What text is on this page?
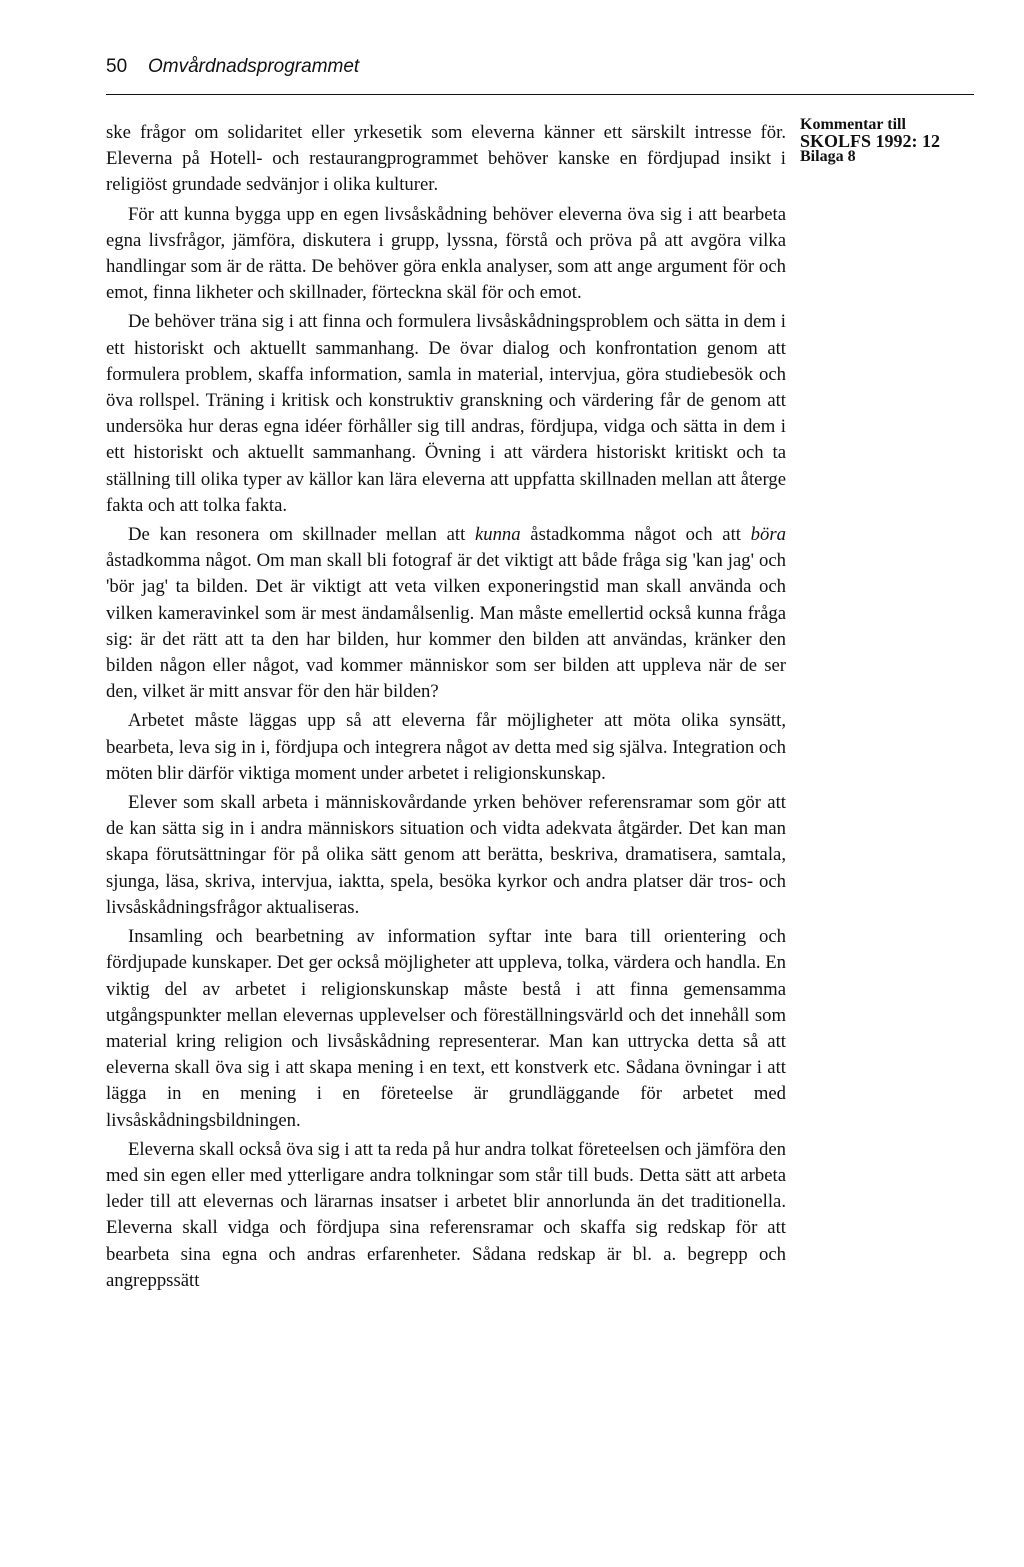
50 Omvårdnadsprogrammet

ske frågor om solidaritet eller yrkesetik som eleverna känner ett särskilt intresse för. Eleverna på Hotell- och restaurangprogrammet behöver kanske en fördjupad insikt i religiöst grundade sedvänjor i olika kulturer.

För att kunna bygga upp en egen livsåskådning behöver eleverna öva sig i att bearbeta egna livsfrågor, jämföra, diskutera i grupp, lyssna, förstå och pröva på att avgöra vilka handlingar som är de rätta. De behöver göra enkla analyser, som att ange argument för och emot, finna likheter och skillnader, förteckna skäl för och emot.

De behöver träna sig i att finna och formulera livsåskådningsproblem och sätta in dem i ett historiskt och aktuellt sammanhang. De övar dialog och konfrontation genom att formulera problem, skaffa information, samla in material, intervjua, göra studiebesök och öva rollspel. Träning i kritisk och konstruktiv granskning och värdering får de genom att undersöka hur deras egna idéer förhåller sig till andras, fördjupa, vidga och sätta in dem i ett historiskt och aktuellt sammanhang. Övning i att värdera historiskt kritiskt och ta ställning till olika typer av källor kan lära eleverna att uppfatta skillnaden mellan att återge fakta och att tolka fakta.

De kan resonera om skillnader mellan att kunna åstadkomma något och att böra åstadkomma något. Om man skall bli fotograf är det viktigt att både fråga sig 'kan jag' och 'bör jag' ta bilden. Det är viktigt att veta vilken exponeringstid man skall använda och vilken kameravinkel som är mest ändamålsenlig. Man måste emellertid också kunna fråga sig: är det rätt att ta den har bilden, hur kommer den bilden att användas, kränker den bilden någon eller något, vad kommer människor som ser bilden att uppleva när de ser den, vilket är mitt ansvar för den här bilden?

Arbetet måste läggas upp så att eleverna får möjligheter att möta olika synsätt, bearbeta, leva sig in i, fördjupa och integrera något av detta med sig själva. Integration och möten blir därför viktiga moment under arbetet i religionskunskap.

Elever som skall arbeta i människovårdande yrken behöver referensramar som gör att de kan sätta sig in i andra människors situation och vidta adekvata åtgärder. Det kan man skapa förutsättningar för på olika sätt genom att berätta, beskriva, dramatisera, samtala, sjunga, läsa, skriva, intervjua, iaktta, spela, besöka kyrkor och andra platser där tros- och livsåskådningsfrågor aktualiseras.

Insamling och bearbetning av information syftar inte bara till orientering och fördjupade kunskaper. Det ger också möjligheter att uppleva, tolka, värdera och handla. En viktig del av arbetet i religionskunskap måste bestå i att finna gemensamma utgångspunkter mellan elevernas upplevelser och föreställningsvärld och det innehåll som material kring religion och livsåskådning representerar. Man kan uttrycka detta så att eleverna skall öva sig i att skapa mening i en text, ett konstverk etc. Sådana övningar i att lägga in en mening i en företeelse är grundläggande för arbetet med livsåskådningsbildningen.

Eleverna skall också öva sig i att ta reda på hur andra tolkat företeelsen och jämföra den med sin egen eller med ytterligare andra tolkningar som står till buds. Detta sätt att arbeta leder till att elevernas och lärarnas insatser i arbetet blir annorlunda än det traditionella. Eleverna skall vidga och fördjupa sina referensramar och skaffa sig redskap för att bearbeta sina egna och andras erfarenheter. Sådana redskap är bl. a. begrepp och angreppssätt

Kommentar till
SKOLFS 1992: 12
Bilaga 8
